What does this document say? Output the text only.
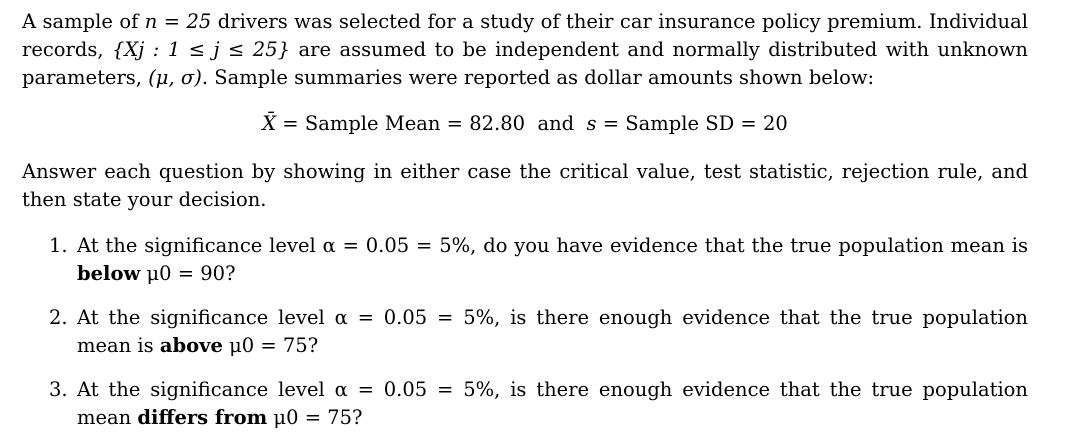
A sample of n = 25 drivers was selected for a study of their car insurance policy premium. Individual records, {Xj : 1 ≤ j ≤ 25} are assumed to be independent and normally distributed with unknown parameters, (μ, σ). Sample summaries were reported as dollar amounts shown below:

X̄ = Sample Mean = 82.80 and s = Sample SD = 20

Answer each question by showing in either case the critical value, test statistic, rejection rule, and then state your decision.

1. At the significance level α = 0.05 = 5%, do you have evidence that the true population mean is below μ0 = 90?
2. At the significance level α = 0.05 = 5%, is there enough evidence that the true population mean is above μ0 = 75?
3. At the significance level α = 0.05 = 5%, is there enough evidence that the true population mean differs from μ0 = 75?
